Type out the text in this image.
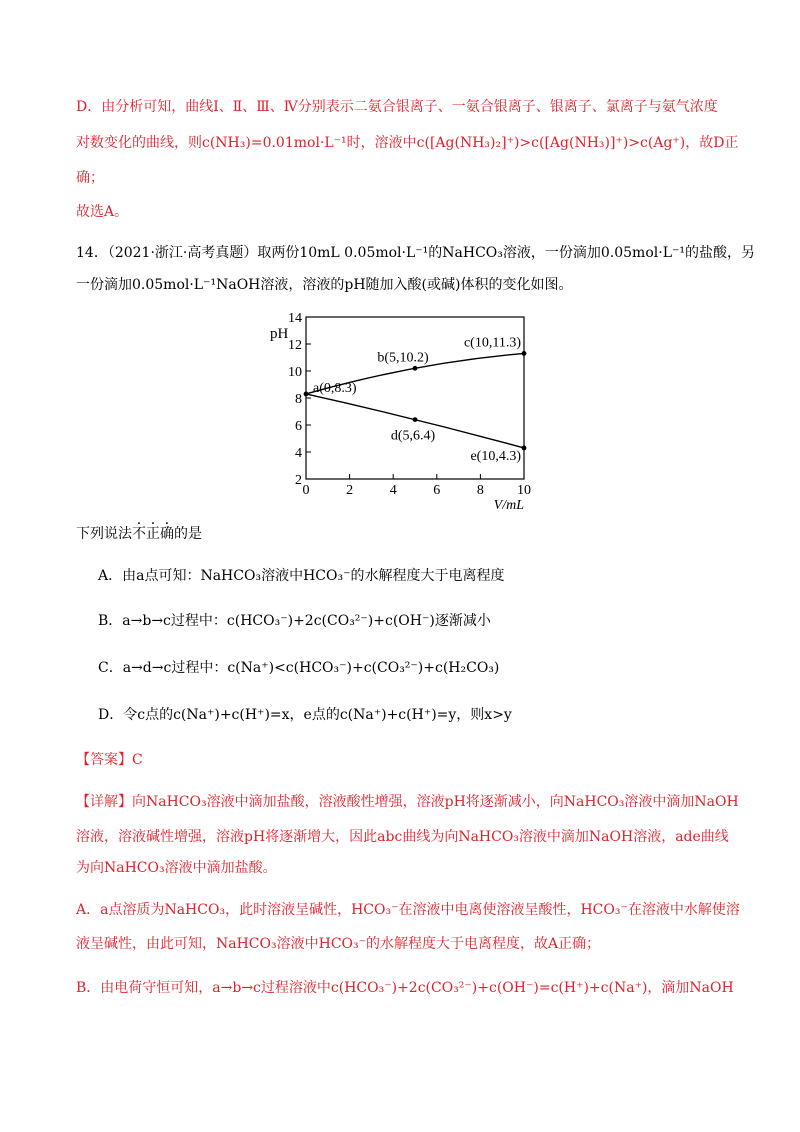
D．由分析可知，曲线Ⅰ、Ⅱ、Ⅲ、Ⅳ分别表示二氨合银离子、一氨合银离子、银离子、氯离子与氨气浓度
对数变化的曲线，则c(NH₃)=0.01mol·L⁻¹时，溶液中c([Ag(NH₃)₂]⁺)>c([Ag(NH₃)]⁺)>c(Ag⁺)，故D正
确；
故选A。
14．（2021·浙江·高考真题）取两份10mL 0.05mol·L⁻¹的NaHCO₃溶液，一份滴加0.05mol·L⁻¹的盐酸，另
一份滴加0.05mol·L⁻¹NaOH溶液，溶液的pH随加入酸(或碱)体积的变化如图。
2
4
6
8
10
12
14
0	2	4	6	8 10
pH
V/mL
a(0,8.3)
b(5,10.2)
c(10,11.3)
d(5,6.4)
e(10,4.3)
下列说法不正确的是
A．由a点可知：NaHCO₃溶液中HCO₃⁻的水解程度大于电离程度
B．a→b→c过程中：c(HCO₃⁻)+2c(CO₃²⁻)+c(OH⁻)逐渐减小
C．a→d→c过程中：c(Na⁺)<c(HCO₃⁻)+c(CO₃²⁻)+c(H₂CO₃)
D．令c点的c(Na⁺)+c(H⁺)=x，e点的c(Na⁺)+c(H⁺)=y，则x>y
【答案】C
【详解】向NaHCO₃溶液中滴加盐酸，溶液酸性增强，溶液pH将逐渐减小，向NaHCO₃溶液中滴加NaOH
溶液，溶液碱性增强，溶液pH将逐渐增大，因此abc曲线为向NaHCO₃溶液中滴加NaOH溶液，ade曲线
为向NaHCO₃溶液中滴加盐酸。
A．a点溶质为NaHCO₃，此时溶液呈碱性，HCO₃⁻在溶液中电离使溶液呈酸性，HCO₃⁻在溶液中水解使溶
液呈碱性，由此可知，NaHCO₃溶液中HCO₃⁻的水解程度大于电离程度，故A正确；
B．由电荷守恒可知，a→b→c过程溶液中c(HCO₃⁻)+2c(CO₃²⁻)+c(OH⁻)=c(H⁺)+c(Na⁺)，滴加NaOH
